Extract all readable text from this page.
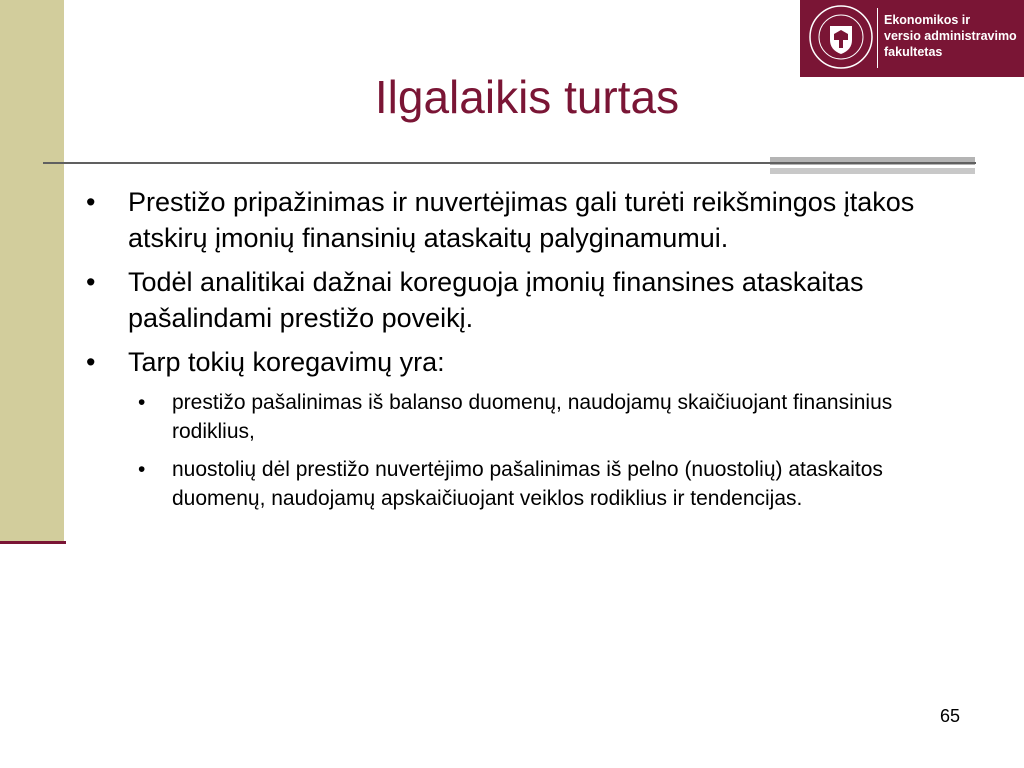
Ekonomikos ir
versio administravimo
fakultetas
Ilgalaikis turtas
• Prestižo pripažinimas ir nuvertėjimas gali turėti reikšmingos įtakos atskirų įmonių finansinių ataskaitų palyginamumui.
• Todėl analitikai dažnai koreguoja įmonių finansines ataskaitas pašalindami prestižo poveikį.
• Tarp tokių koregavimų yra:
• prestižo pašalinimas iš balanso duomenų, naudojamų skaičiuojant finansinius rodiklius,
• nuostolių dėl prestižo nuvertėjimo pašalinimas iš pelno (nuostolių) ataskaitos duomenų, naudojamų apskaičiuojant veiklos rodiklius ir tendencijas.
65
